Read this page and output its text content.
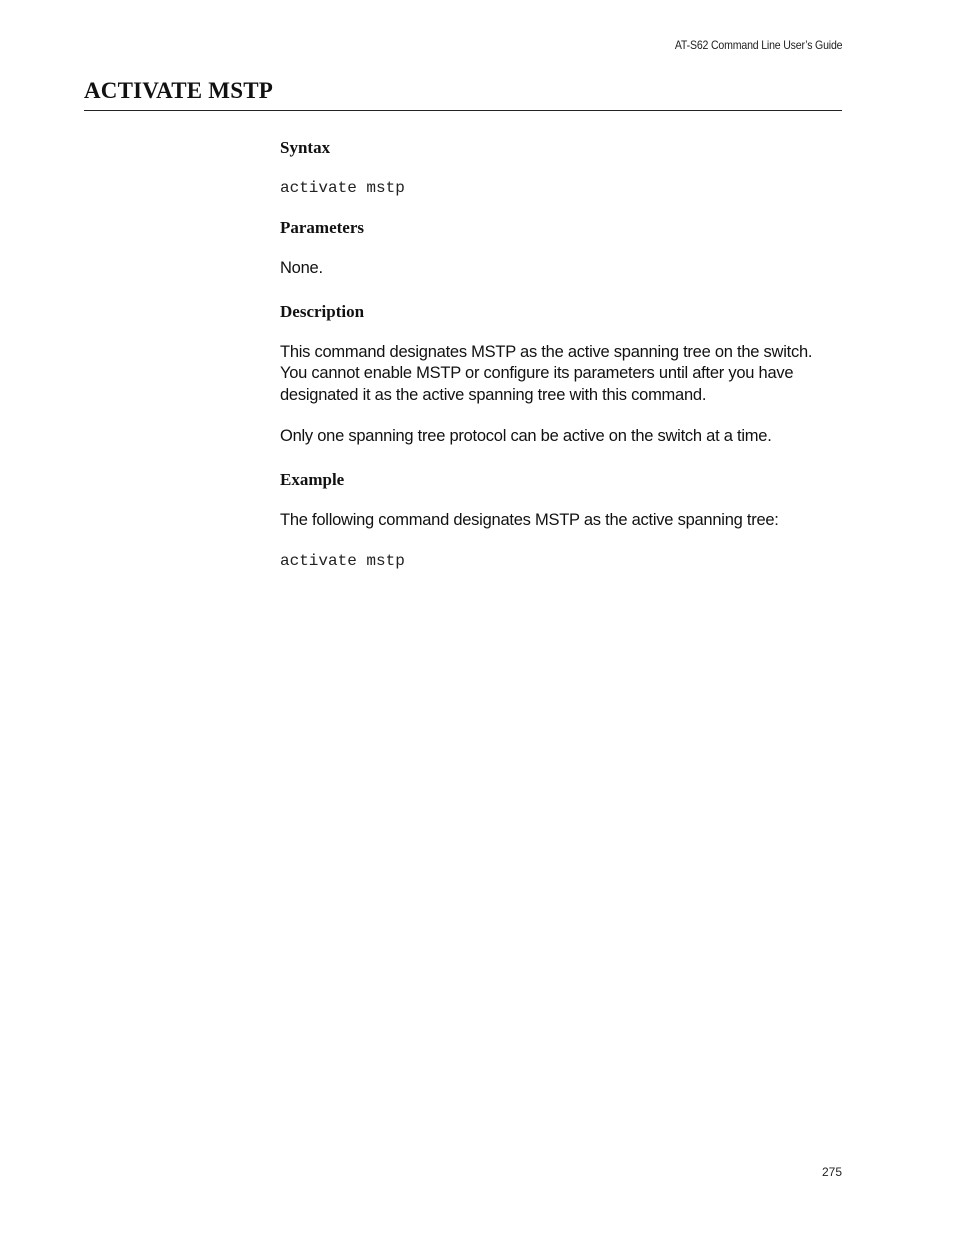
AT-S62 Command Line User’s Guide
ACTIVATE MSTP
Syntax
activate mstp
Parameters

None.

Description

This command designates MSTP as the active spanning tree on the switch. You cannot enable MSTP or configure its parameters until after you have designated it as the active spanning tree with this command.

Only one spanning tree protocol can be active on the switch at a time.

Example

The following command designates MSTP as the active spanning tree:

activate mstp
275
